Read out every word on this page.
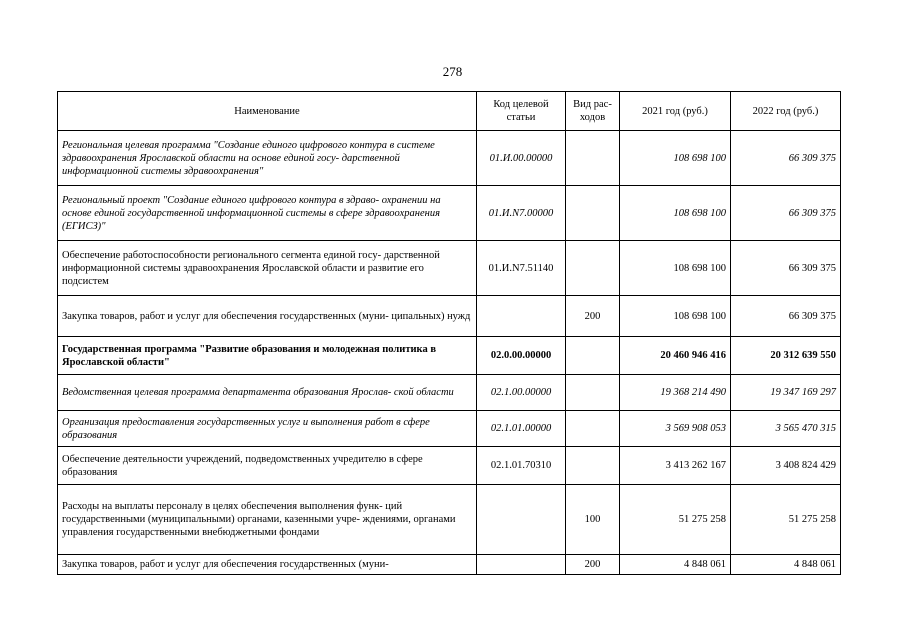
278
Наименование	Код целевой статьи	Вид рас- ходов	2021 год (руб.)	2022 год (руб.)
Региональная целевая программа "Создание единого цифрового контура в системе здравоохранения Ярославской области на основе единой госу- дарственной информационной системы здравоохранения"	01.И.00.00000		108 698 100	66 309 375
Региональный проект "Создание единого цифрового контура в здраво- охранении на основе единой государственной информационной системы в сфере здравоохранения (ЕГИСЗ)"	01.И.N7.00000		108 698 100	66 309 375
Обеспечение работоспособности регионального сегмента единой госу- дарственной информационной системы здравоохранения Ярославской области и развитие его подсистем	01.И.N7.51140		108 698 100	66 309 375
Закупка товаров, работ и услуг для обеспечения государственных (муни- ципальных) нужд		200	108 698 100	66 309 375
Государственная программа "Развитие образования и молодежная политика в Ярославской области"	02.0.00.00000		20 460 946 416	20 312 639 550
Ведомственная целевая программа департамента образования Ярослав- ской области	02.1.00.00000		19 368 214 490	19 347 169 297
Организация предоставления государственных услуг и выполнения работ в сфере образования	02.1.01.00000		3 569 908 053	3 565 470 315
Обеспечение деятельности учреждений, подведомственных учредителю в сфере образования	02.1.01.70310		3 413 262 167	3 408 824 429
Расходы на выплаты персоналу в целях обеспечения выполнения функ- ций государственными (муниципальными) органами, казенными учре- ждениями, органами управления государственными внебюджетными фондами		100	51 275 258	51 275 258
Закупка товаров, работ и услуг для обеспечения государственных (муни-		200	4 848 061	4 848 061
